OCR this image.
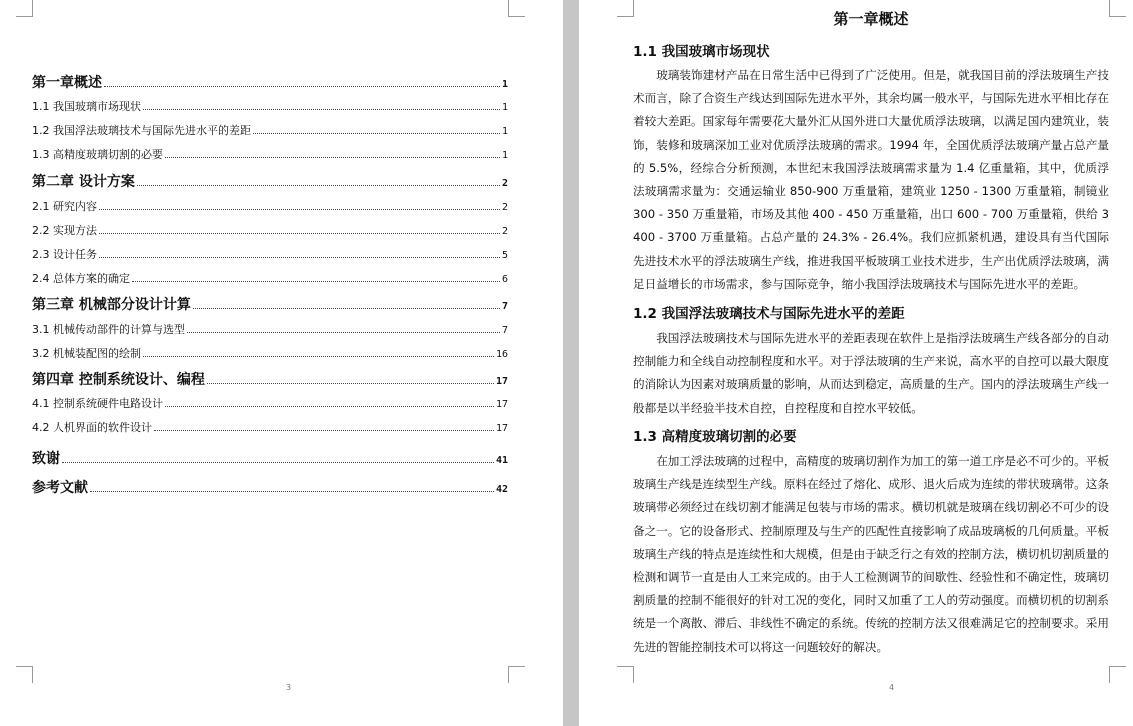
第一章概述	1
1.1 我国玻璃市场现状	1
1.2 我国浮法玻璃技术与国际先进水平的差距	1
1.3 高精度玻璃切割的必要	1
第二章 设计方案	2
2.1 研究内容	2
2.2 实现方法	2
2.3 设计任务	5
2.4 总体方案的确定	6
第三章 机械部分设计计算	7
3.1 机械传动部件的计算与选型	7
3.2 机械装配图的绘制	16
第四章 控制系统设计、编程	17
4.1 控制系统硬件电路设计	17
4.2 人机界面的软件设计	17
致谢	41
参考文献	42
3	4
第一章概述
1.1 我国玻璃市场现状
玻璃装饰建材产品在日常生活中已得到了广泛使用。但是，就我国目前的浮法玻璃生产技术而言，除了合资生产线达到国际先进水平外，其余均属一般水平，与国际先进水平相比存在着较大差距。国家每年需要花大量外汇从国外进口大量优质浮法玻璃，以满足国内建筑业，装饰，装修和玻璃深加工业对优质浮法玻璃的需求。1994 年，全国优质浮法玻璃产量占总产量的 5.5%，经综合分析预测，本世纪末我国浮法玻璃需求量为 1.4 亿重量箱，其中，优质浮法玻璃需求量为：交通运输业 850-900 万重量箱，建筑业 1250 - 1300 万重量箱，制镜业 300 - 350 万重量箱，市场及其他 400 - 450 万重量箱，出口 600 - 700 万重量箱，供给 3400 - 3700 万重量箱。占总产量的 24.3% - 26.4%。我们应抓紧机遇，建设具有当代国际先进技术水平的浮法玻璃生产线，推进我国平板玻璃工业技术进步，生产出优质浮法玻璃，满足日益增长的市场需求，参与国际竞争，缩小我国浮法玻璃技术与国际先进水平的差距。
1.2 我国浮法玻璃技术与国际先进水平的差距
我国浮法玻璃技术与国际先进水平的差距表现在软件上是指浮法玻璃生产线各部分的自动控制能力和全线自动控制程度和水平。对于浮法玻璃的生产来说，高水平的自控可以最大限度的消除认为因素对玻璃质量的影响，从而达到稳定，高质量的生产。国内的浮法玻璃生产线一般都是以半经验半技术自控，自控程度和自控水平较低。
1.3 高精度玻璃切割的必要
在加工浮法玻璃的过程中，高精度的玻璃切割作为加工的第一道工序是必不可少的。平板玻璃生产线是连续型生产线。原料在经过了熔化、成形、退火后成为连续的带状玻璃带。这条玻璃带必须经过在线切割才能满足包装与市场的需求。横切机就是玻璃在线切割必不可少的设备之一。它的设备形式、控制原理及与生产的匹配性直接影响了成品玻璃板的几何质量。平板玻璃生产线的特点是连续性和大规模，但是由于缺乏行之有效的控制方法，横切机切割质量的检测和调节一直是由人工来完成的。由于人工检测调节的间歇性、经验性和不确定性，玻璃切割质量的控制不能很好的针对工况的变化，同时又加重了工人的劳动强度。而横切机的切割系统是一个离散、滞后、非线性不确定的系统。传统的控制方法又很难满足它的控制要求。采用先进的智能控制技术可以将这一问题较好的解决。
